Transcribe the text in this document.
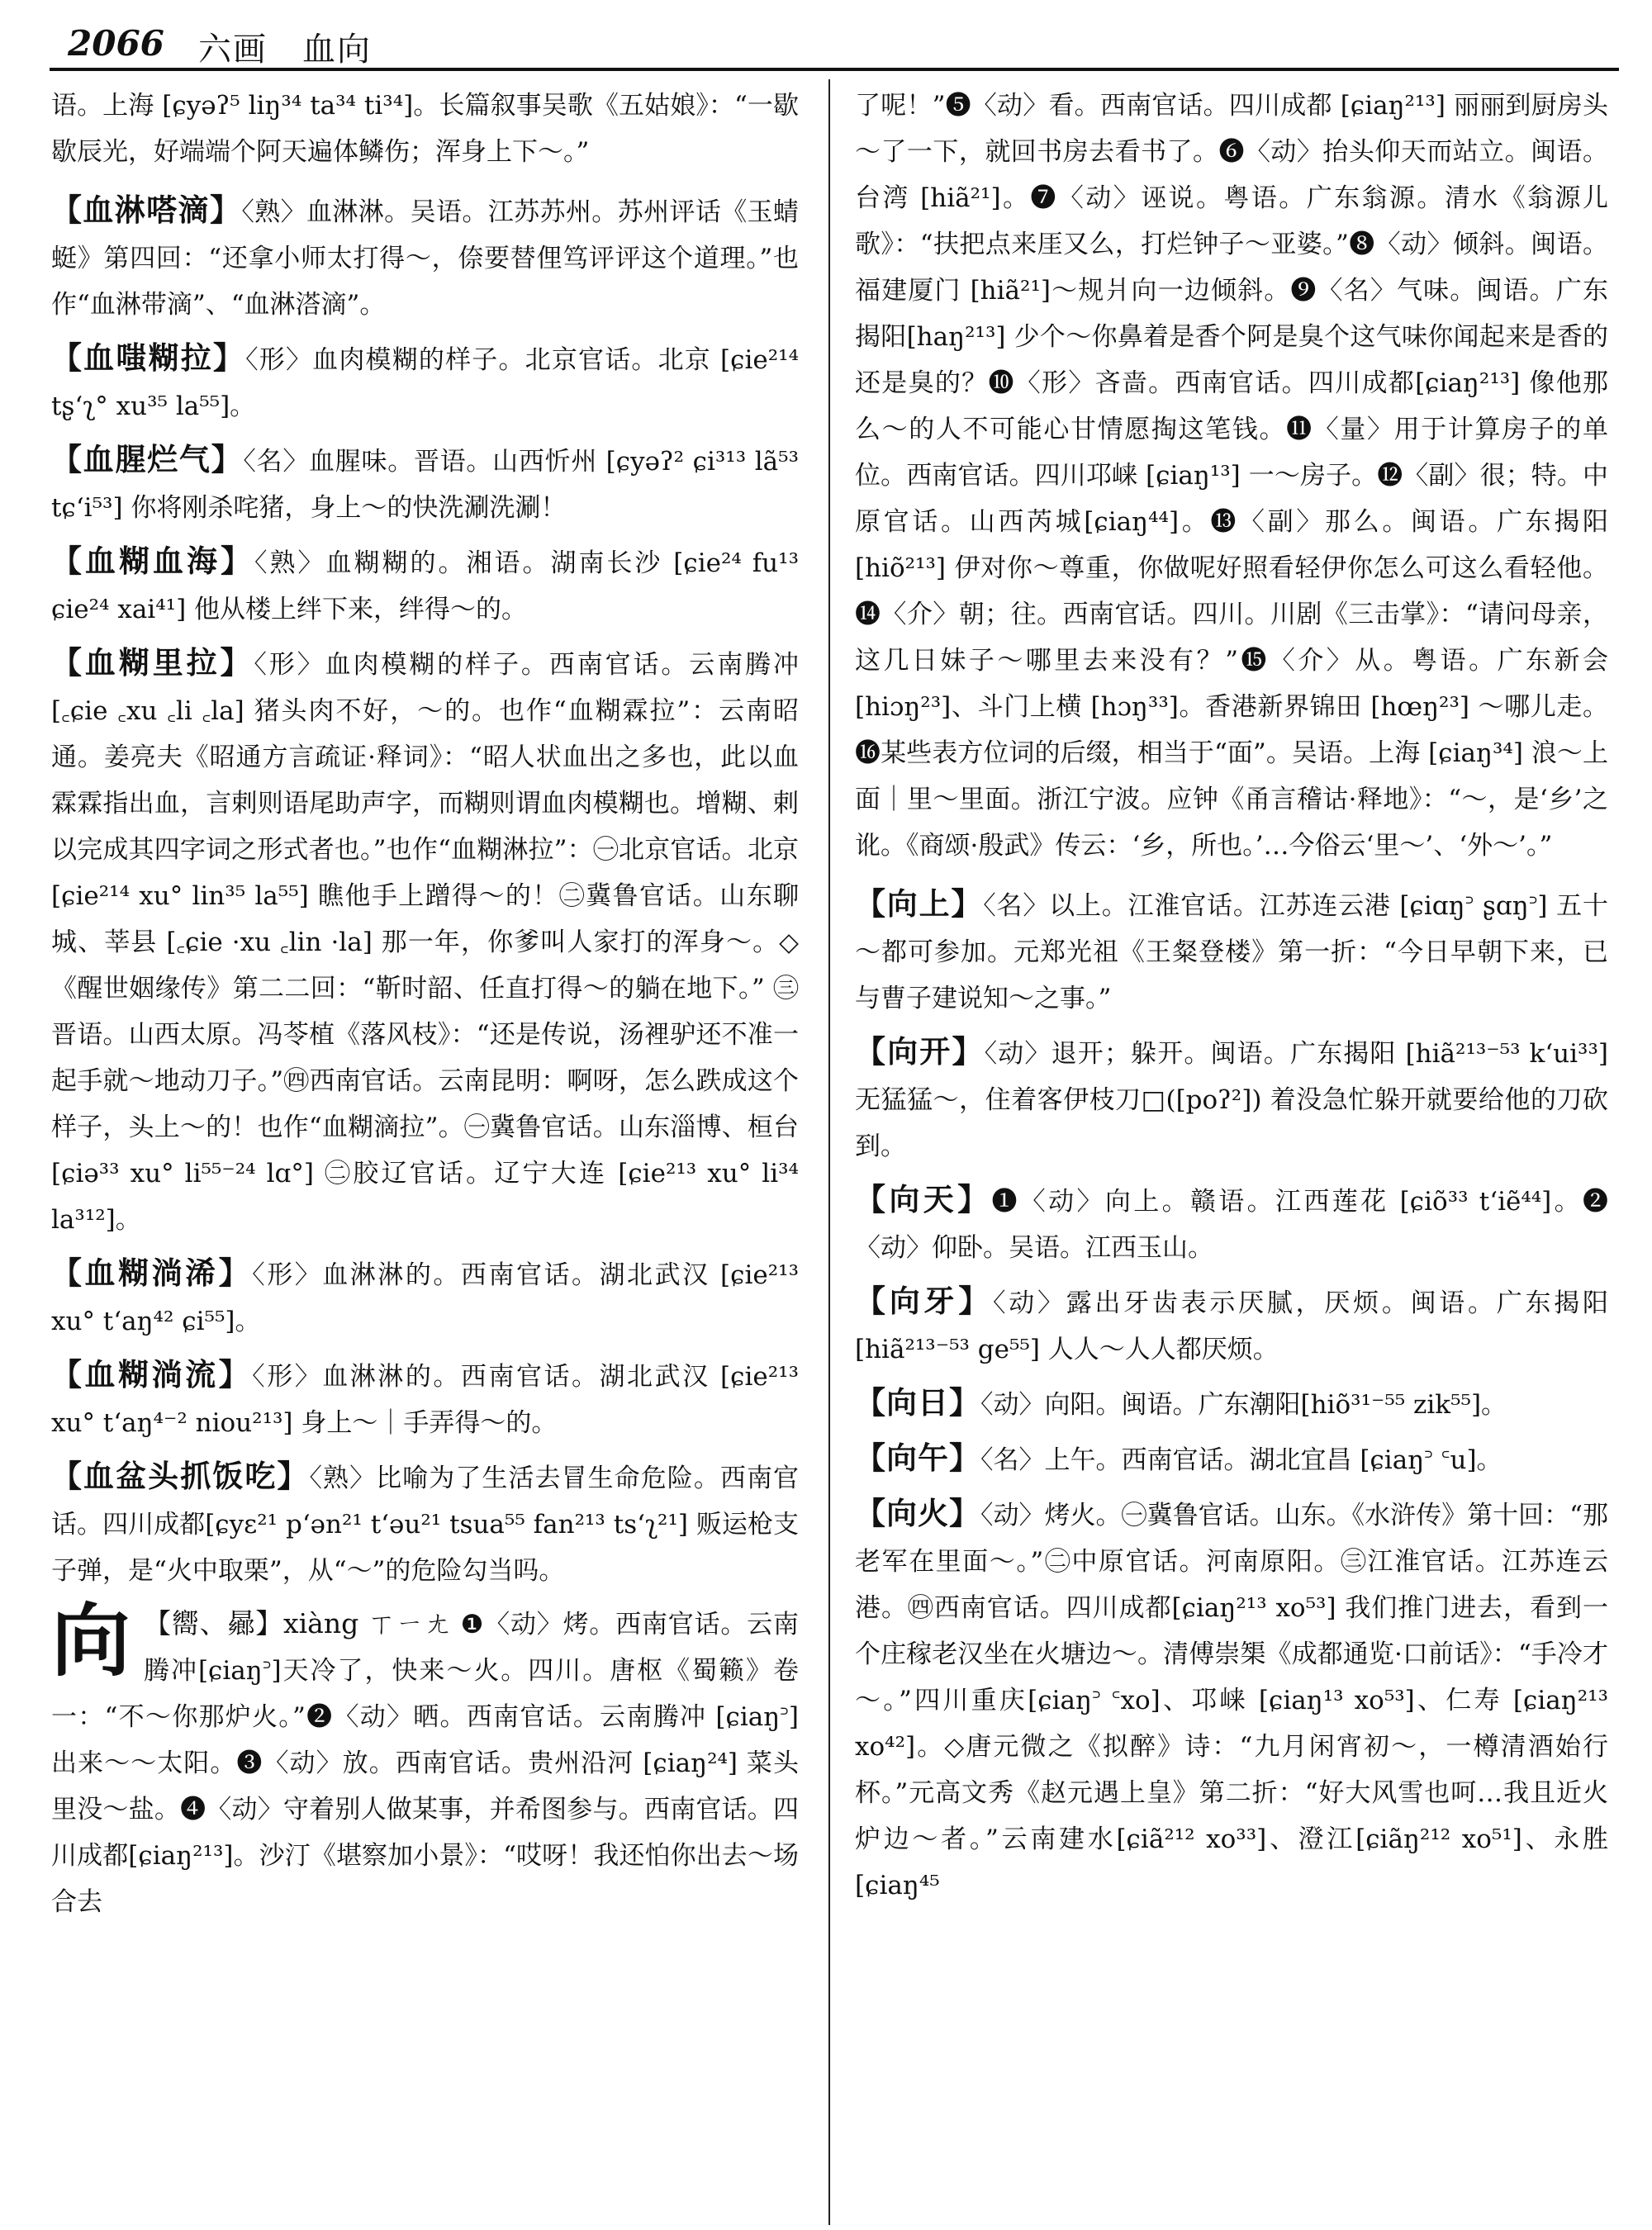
2066 六画　血向

语。上海 [ɕyəʔ⁵ liŋ³⁴ ta³⁴ ti³⁴]。长篇叙事吴歌《五姑娘》：“一歇歇辰光，好端端个阿天遍体鳞伤；浑身上下～。”

【血淋嗒滴】〈熟〉血淋淋。吴语。江苏苏州。苏州评话《玉蜻蜓》第四回：“还拿小师太打得～，倷要替俚笃评评这个道理。”也作“血淋带滴”、“血淋溚滴”。

【血嗤糊拉】〈形〉血肉模糊的样子。北京官话。北京 [ɕie²¹⁴ tʂʻʅ° xu³⁵ la⁵⁵]。

【血腥烂气】〈名〉血腥味。晋语。山西忻州 [ɕyəʔ² ɕi³¹³ lã⁵³ tɕʻi⁵³] 你将刚杀咤猪，身上～的快洗涮洗涮！

【血糊血海】〈熟〉血糊糊的。湘语。湖南长沙 [ɕie²⁴ fu¹³ ɕie²⁴ xai⁴¹] 他从楼上绊下来，绊得～的。

【血糊里拉】〈形〉血肉模糊的样子。西南官话。云南腾冲 [꜀ɕie ꜀xu ꜀li ꜀la] 猪头肉不好，～的。也作“血糊霖拉”：云南昭通。姜亮夫《昭通方言疏证·释词》：“昭人状血出之多也，此以血霖霖指出血，言剌则语尾助声字，而糊则谓血肉模糊也。增糊、剌以完成其四字词之形式者也。”也作“血糊淋拉”：㊀北京官话。北京 [ɕie²¹⁴ xu° lin³⁵ la⁵⁵] 瞧他手上蹭得～的！㊁冀鲁官话。山东聊城、莘县 [꜀ɕie ·xu ꜀lin ·la] 那一年，你爹叫人家打的浑身～。◇《醒世姻缘传》第二二回：“靳时韶、任直打得～的躺在地下。” ㊂晋语。山西太原。冯苓植《落风枝》：“还是传说，汤裡驴还不准一起手就～地动刀子。”㊃西南官话。云南昆明：啊呀，怎么跌成这个样子，头上～的！也作“血糊滴拉”。㊀冀鲁官话。山东淄博、桓台[ɕiə³³ xu° li⁵⁵⁻²⁴ lɑ°] ㊁胶辽官话。辽宁大连 [ɕie²¹³ xu° li³⁴ la³¹²]。

【血糊淌浠】〈形〉血淋淋的。西南官话。湖北武汉 [ɕie²¹³ xu° tʻaŋ⁴² ɕi⁵⁵]。

【血糊淌流】〈形〉血淋淋的。西南官话。湖北武汉 [ɕie²¹³ xu° tʻaŋ⁴⁻² niou²¹³] 身上～｜手弄得～的。

【血盆头抓饭吃】〈熟〉比喻为了生活去冒生命危险。西南官话。四川成都[ɕyɛ²¹ pʻən²¹ tʻəu²¹ tsua⁵⁵ fan²¹³ tsʻʅ²¹] 贩运枪支子弹，是“火中取栗”，从“～”的危险勾当吗。

向 【嚮、曏】xiàng ㄒㄧㄤ ❶〈动〉烤。西南官话。云南腾冲[ɕiaŋ꜄]天冷了，快来～火。四川。唐枢《蜀籁》卷一：“不～你那炉火。”❷〈动〉晒。西南官话。云南腾冲 [ɕiaŋ꜄] 出来～～太阳。❸〈动〉放。西南官话。贵州沿河 [ɕiaŋ²⁴] 菜头里没～盐。❹〈动〉守着别人做某事，并希图参与。西南官话。四川成都[ɕiaŋ²¹³]。沙汀《堪察加小景》：“哎呀！我还怕你出去～场合去

了呢！”❺〈动〉看。西南官话。四川成都 [ɕiaŋ²¹³] 丽丽到厨房头～了一下，就回书房去看书了。❻〈动〉抬头仰天而站立。闽语。台湾 [hiã²¹]。❼〈动〉诬说。粤语。广东翁源。清水《翁源儿歌》：“扶把点来厓又么，打烂钟子～亚婆。”❽〈动〉倾斜。闽语。福建厦门 [hiã²¹]～规爿向一边倾斜。❾〈名〉气味。闽语。广东揭阳[haŋ²¹³] 少个～你鼻着是香个阿是臭个这气味你闻起来是香的还是臭的？❿〈形〉吝啬。西南官话。四川成都[ɕiaŋ²¹³] 像他那么～的人不可能心甘情愿掏这笔钱。⓫〈量〉用于计算房子的单位。西南官话。四川邛崃 [ɕiaŋ¹³] 一～房子。⓬〈副〉很；特。中原官话。山西芮城[ɕiaŋ⁴⁴]。⓭〈副〉那么。闽语。广东揭阳 [hiõ²¹³] 伊对你～尊重，你做呢好照看轻伊你怎么可这么看轻他。⓮〈介〉朝；往。西南官话。四川。川剧《三击掌》：“请问母亲，这几日妹子～哪里去来没有？”⓯〈介〉从。粤语。广东新会 [hiɔŋ²³]、斗门上横 [hɔŋ³³]。香港新界锦田 [hœŋ²³] ～哪儿走。⓰某些表方位词的后缀，相当于“面”。吴语。上海 [ɕiaŋ³⁴] 浪～上面｜里～里面。浙江宁波。应钟《甬言稽诂·释地》：“～，是‘乡’之讹。《商颂·殷武》传云：‘乡，所也。’…今俗云‘里～’、‘外～’。”

【向上】〈名〉以上。江淮官话。江苏连云港 [ɕiɑŋ꜄ ʂɑŋ꜄] 五十～都可参加。元郑光祖《王粲登楼》第一折：“今日早朝下来，已与曹子建说知～之事。”

【向开】〈动〉退开；躲开。闽语。广东揭阳 [hiã²¹³⁻⁵³ kʻui³³] 无猛猛～，住着客伊枝刀□([poʔ²]) 着没急忙躲开就要给他的刀砍到。

【向天】❶〈动〉向上。赣语。江西莲花 [ɕiõ³³ tʻiẽ⁴⁴]。❷〈动〉仰卧。吴语。江西玉山。

【向牙】〈动〉露出牙齿表示厌腻，厌烦。闽语。广东揭阳 [hiã²¹³⁻⁵³ ge⁵⁵] 人人～人人都厌烦。

【向日】〈动〉向阳。闽语。广东潮阳[hiõ³¹⁻⁵⁵ zik⁵⁵]。

【向午】〈名〉上午。西南官话。湖北宜昌 [ɕiaŋ꜄ ꜂u]。

【向火】〈动〉烤火。㊀冀鲁官话。山东。《水浒传》第十回：“那老军在里面～。”㊁中原官话。河南原阳。㊂江淮官话。江苏连云港。㊃西南官话。四川成都[ɕiaŋ²¹³ xo⁵³] 我们推门进去，看到一个庄稼老汉坐在火塘边～。清傅崇榘《成都通览·口前话》：“手冷才～。”四川重庆[ɕiaŋ꜄ ꜂xo]、邛崃 [ɕiaŋ¹³ xo⁵³]、仁寿 [ɕiaŋ²¹³ xo⁴²]。◇唐元微之《拟醉》诗：“九月闲宵初～，一樽清酒始行杯。”元高文秀《赵元遇上皇》第二折：“好大风雪也呵…我且近火炉边～者。”云南建水[ɕiã²¹² xo³³]、澄江[ɕiãŋ²¹² xo⁵¹]、永胜 [ɕiaŋ⁴⁵
